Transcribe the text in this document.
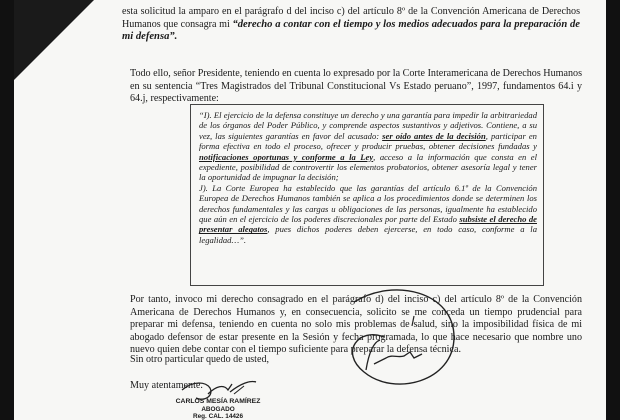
esta solicitud la amparo en el parágrafo d del inciso c) del artículo 8º de la Convención Americana de Derechos Humanos que consagra mi “derecho a contar con el tiempo y los medios adecuados para la preparación de mi defensa”.
Todo ello, señor Presidente, teniendo en cuenta lo expresado por la Corte Interamericana de Derechos Humanos en su sentencia “Tres Magistrados del Tribunal Constitucional Vs Estado peruano”, 1997, fundamentos 64.i y 64.j, respectivamente:
“I). El ejercicio de la defensa constituye un derecho y una garantía para impedir la arbitrariedad de los órganos del Poder Público, y comprende aspectos sustantivos y adjetivos. Contiene, a su vez, las siguientes garantías en favor del acusado: ser oído antes de la decisión, participar en forma efectiva en todo el proceso, ofrecer y producir pruebas, obtener decisiones fundadas y notificaciones oportunas y conforme a la Ley, acceso a la información que consta en el expediente, posibilidad de controvertir los elementos probatorios, obtener asesoría legal y tener la oportunidad de impugnar la decisión;
J). La Corte Europea ha establecido que las garantías del artículo 6.1º de la Convención Europea de Derechos Humanos también se aplica a los procedimientos donde se determinen los derechos fundamentales y las cargas u obligaciones de las personas, igualmente ha establecido que aún en el ejercicio de los poderes discrecionales por parte del Estado subsiste el derecho de presentar alegatos, pues dichos poderes deben ejercerse, en todo caso, conforme a la legalidad…”.
Por tanto, invoco mi derecho consagrado en el parágrafo d) del inciso c) del artículo 8º de la Convención Americana de Derechos Humanos y, en consecuencia, solicito se me conceda un tiempo prudencial para preparar mi defensa, teniendo en cuenta no solo mis problemas de salud, sino la imposibilidad física de mi abogado defensor de estar presente en la Sesión y fecha programada, lo que hace necesario que nombre uno nuevo quien debe contar con el tiempo suficiente para preparar la defensa técnica.
Sin otro particular quedo de usted,
CARLOS MESÍA RAMÍREZ
ABOGADO
Reg. CAL. 14426
Muy atentamente.
